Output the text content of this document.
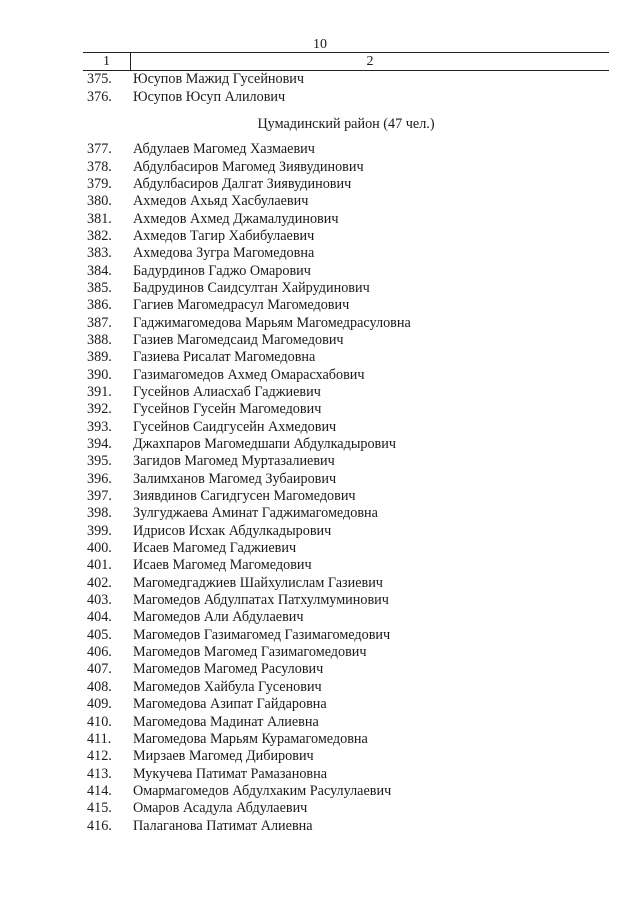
10
1	2
375.	Юсупов Мажид Гусейнович
376.	Юсупов Юсуп Алилович
Цумадинский район (47 чел.)
377.	Абдулаев Магомед Хазмаевич
378.	Абдулбасиров Магомед Зиявудинович
379.	Абдулбасиров Далгат Зиявудинович
380.	Ахмедов Ахьяд Хасбулаевич
381.	Ахмедов Ахмед Джамалудинович
382.	Ахмедов Тагир Хабибулаевич
383.	Ахмедова Зугра Магомедовна
384.	Бадурдинов Гаджо Омарович
385.	Бадрудинов Саидсултан Хайрудинович
386.	Гагиев Магомедрасул Магомедович
387.	Гаджимагомедова Марьям Магомедрасуловна
388.	Газиев Магомедсаид Магомедович
389.	Газиева Рисалат Магомедовна
390.	Газимагомедов Ахмед Омарасхабович
391.	Гусейнов Алиасхаб Гаджиевич
392.	Гусейнов Гусейн Магомедович
393.	Гусейнов Саидгусейн Ахмедович
394.	Джахпаров Магомедшапи Абдулкадырович
395.	Загидов Магомед Муртазалиевич
396.	Залимханов Магомед Зубаирович
397.	Зиявдинов Сагидгусен Магомедович
398.	Зулгуджаева Аминат Гаджимагомедовна
399.	Идрисов Исхак Абдулкадырович
400.	Исаев Магомед Гаджиевич
401.	Исаев Магомед Магомедович
402.	Магомедгаджиев Шайхулислам Газиевич
403.	Магомедов Абдулпатах Патхулмуминович
404.	Магомедов Али Абдулаевич
405.	Магомедов Газимагомед Газимагомедович
406.	Магомедов Магомед Газимагомедович
407.	Магомедов Магомед Расулович
408.	Магомедов Хайбула Гусенович
409.	Магомедова Азипат Гайдаровна
410.	Магомедова Мадинат Алиевна
411.	Магомедова Марьям Курамагомедовна
412.	Мирзаев Магомед Дибирович
413.	Мукучева Патимат Рамазановна
414.	Омармагомедов Абдулхаким Расулулаевич
415.	Омаров Асадула Абдулаевич
416.	Палаганова Патимат Алиевна
